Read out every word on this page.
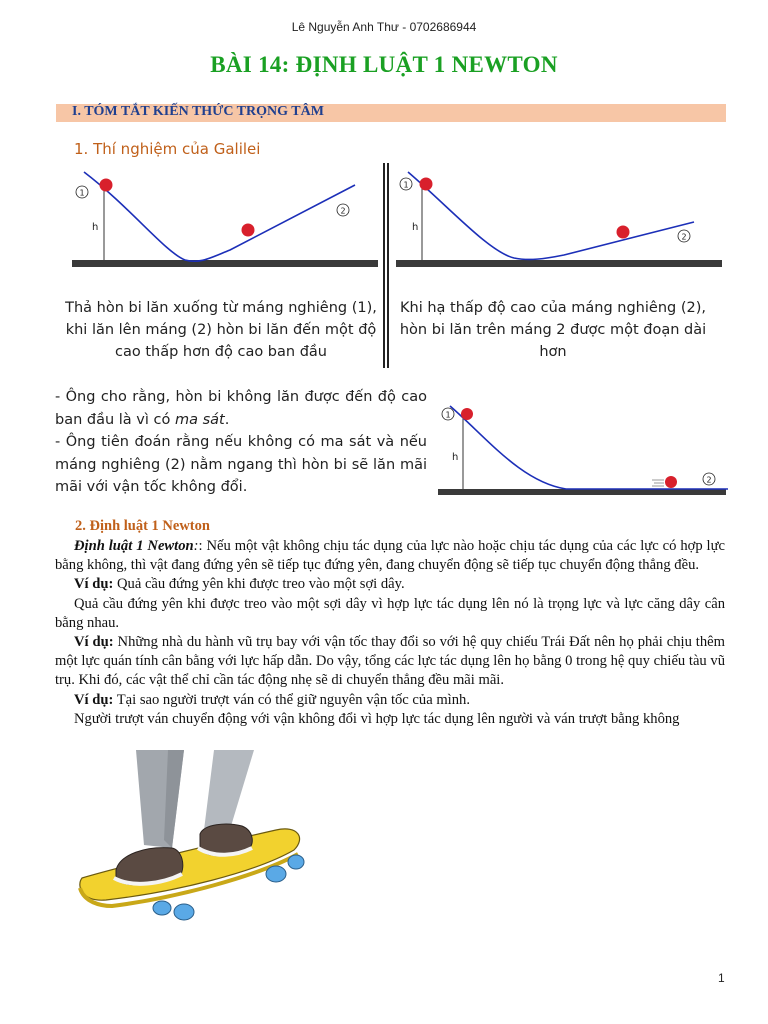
Lê Nguyễn Anh Thư - 0702686944
BÀI 14: ĐỊNH LUẬT 1 NEWTON
I. TÓM TẮT KIẾN THỨC TRỌNG TÂM
1. Thí nghiệm của Galilei
h
1
2
h
1
2
Thả hòn bi lăn xuống từ máng nghiêng (1), khi lăn lên máng (2) hòn bi lăn đến một độ cao thấp hơn độ cao ban đầu
Khi hạ thấp độ cao của máng nghiêng (2), hòn bi lăn trên máng 2 được một đoạn dài hơn

- Ông cho rằng, hòn bi không lăn được đến độ cao ban đầu là vì có ma sát.

- Ông tiên đoán rằng nếu không có ma sát và nếu máng nghiêng (2) nằm ngang thì hòn bi sẽ lăn mãi mãi với vận tốc không đổi.

h
1
2
2. Định luật 1 Newton

Định luật 1 Newton:: Nếu một vật không chịu tác dụng của lực nào hoặc chịu tác dụng của các lực có hợp lực bằng không, thì vật đang đứng yên sẽ tiếp tục đứng yên, đang chuyển động sẽ tiếp tục chuyển động thẳng đều.

Ví dụ: Quả cầu đứng yên khi được treo vào một sợi dây.

Quả cầu đứng yên khi được treo vào một sợi dây vì hợp lực tác dụng lên nó là trọng lực và lực căng dây cân bằng nhau.

Ví dụ: Những nhà du hành vũ trụ bay với vận tốc thay đổi so với hệ quy chiếu Trái Đất nên họ phải chịu thêm một lực quán tính cân bằng với lực hấp dẫn. Do vậy, tổng các lực tác dụng lên họ bằng 0 trong hệ quy chiếu tàu vũ trụ. Khi đó, các vật thể chỉ cần tác động nhẹ sẽ di chuyển thẳng đều mãi mãi.

Ví dụ: Tại sao người trượt ván có thể giữ nguyên vận tốc của mình.

Người trượt ván chuyển động với vận không đổi vì hợp lực tác dụng lên người và ván trượt bằng không

1
